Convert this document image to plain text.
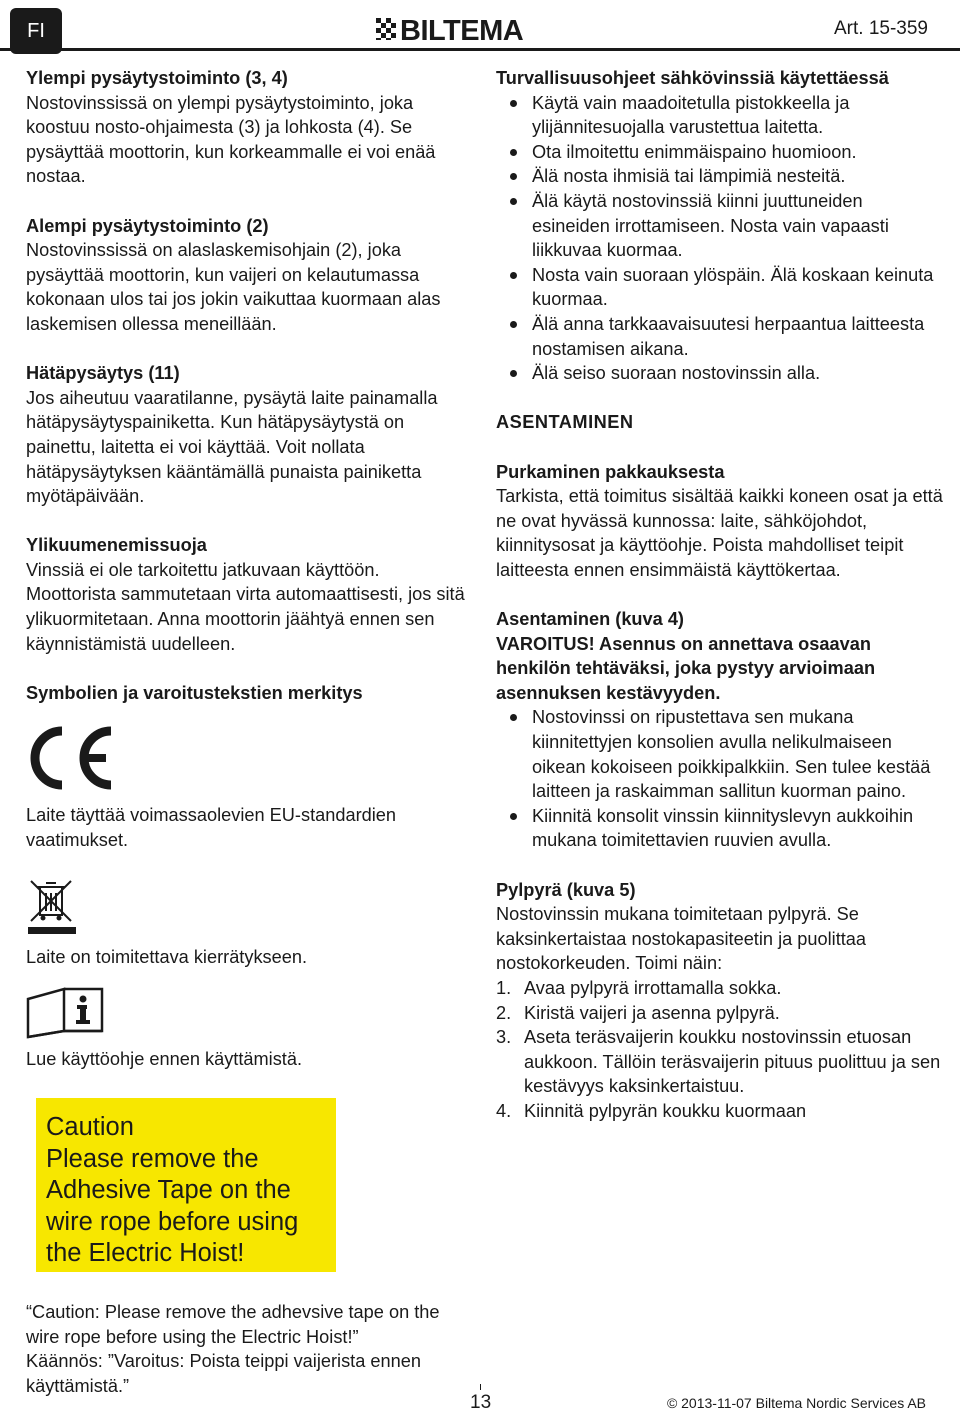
FI	BILTEMA	Art. 15-359
Ylempi pysäytystoiminto (3, 4)
Nostovinssissä on ylempi pysäytystoiminto, joka koostuu nosto-ohjaimesta (3) ja lohkosta (4). Se pysäyttää moottorin, kun korkeammalle ei voi enää nostaa.
Alempi pysäytystoiminto (2)
Nostovinssissä on alaslaskemisohjain (2), joka pysäyttää moottorin, kun vaijeri on kelautumassa kokonaan ulos tai jos jokin vaikuttaa kuormaan alas laskemisen ollessa meneillään.
Hätäpysäytys (11)
Jos aiheutuu vaaratilanne, pysäytä laite painamalla hätäpysäytyspainiketta. Kun hätäpysäytystä on painettu, laitetta ei voi käyttää. Voit nollata hätäpysäytyksen kääntämällä punaista painiketta myötäpäivään.
Ylikuumenemissuoja
Vinssiä ei ole tarkoitettu jatkuvaan käyttöön. Moottorista sammutetaan virta automaattisesti, jos sitä ylikuormitetaan. Anna moottorin jäähtyä ennen sen käynnistämistä uudelleen.
Symbolien ja varoitustekstien merkitys
Laite täyttää voimassaolevien EU-standardien vaatimukset.
Laite on toimitettava kierrätykseen.
Lue käyttöohje ennen käyttämistä.
Caution
Please remove the
Adhesive Tape on the
wire rope before using
the Electric Hoist!
“Caution: Please remove the adhevsive tape on the wire rope before using the Electric Hoist!”
Käännös: ”Varoitus: Poista teippi vaijerista ennen käyttämistä.”
Turvallisuusohjeet sähkövinssiä käytettäessä
Käytä vain maadoitetulla pistokkeella ja ylijännitesuojalla varustettua laitetta.
Ota ilmoitettu enimmäispaino huomioon.
Älä nosta ihmisiä tai lämpimiä nesteitä.
Älä käytä nostovinssiä kiinni juuttuneiden esineiden irrottamiseen. Nosta vain vapaasti liikkuvaa kuormaa.
Nosta vain suoraan ylöspäin. Älä koskaan keinuta kuormaa.
Älä anna tarkkaavaisuutesi herpaantua laitteesta nostamisen aikana.
Älä seiso suoraan nostovinssin alla.
ASENTAMINEN
Purkaminen pakkauksesta
Tarkista, että toimitus sisältää kaikki koneen osat ja että ne ovat hyvässä kunnossa: laite, sähköjohdot, kiinnitysosat ja käyttöohje. Poista mahdolliset teipit laitteesta ennen ensimmäistä käyttökertaa.
Asentaminen (kuva 4)
VAROITUS! Asennus on annettava osaavan henkilön tehtäväksi, joka pystyy arvioimaan asennuksen kestävyyden.
Nostovinssi on ripustettava sen mukana kiinnitettyjen konsolien avulla nelikulmaiseen oikean kokoiseen poikkipalkkiin. Sen tulee kestää laitteen ja raskaimman sallitun kuorman paino.
Kiinnitä konsolit vinssin kiinnityslevyn aukkoihin mukana toimitettavien ruuvien avulla.
Pylpyrä (kuva 5)
Nostovinssin mukana toimitetaan pylpyrä. Se kaksinkertaistaa nostokapasiteetin ja puolittaa nostokorkeuden. Toimi näin:
1. Avaa pylpyrä irrottamalla sokka.
2. Kiristä vaijeri ja asenna pylpyrä.
3. Aseta teräsvaijerin koukku nostovinssin etuosan aukkoon. Tällöin teräsvaijerin pituus puolittuu ja sen kestävyys kaksinkertaistuu.
4. Kiinnitä pylpyrän koukku kuormaan
13	© 2013-11-07 Biltema Nordic Services AB
